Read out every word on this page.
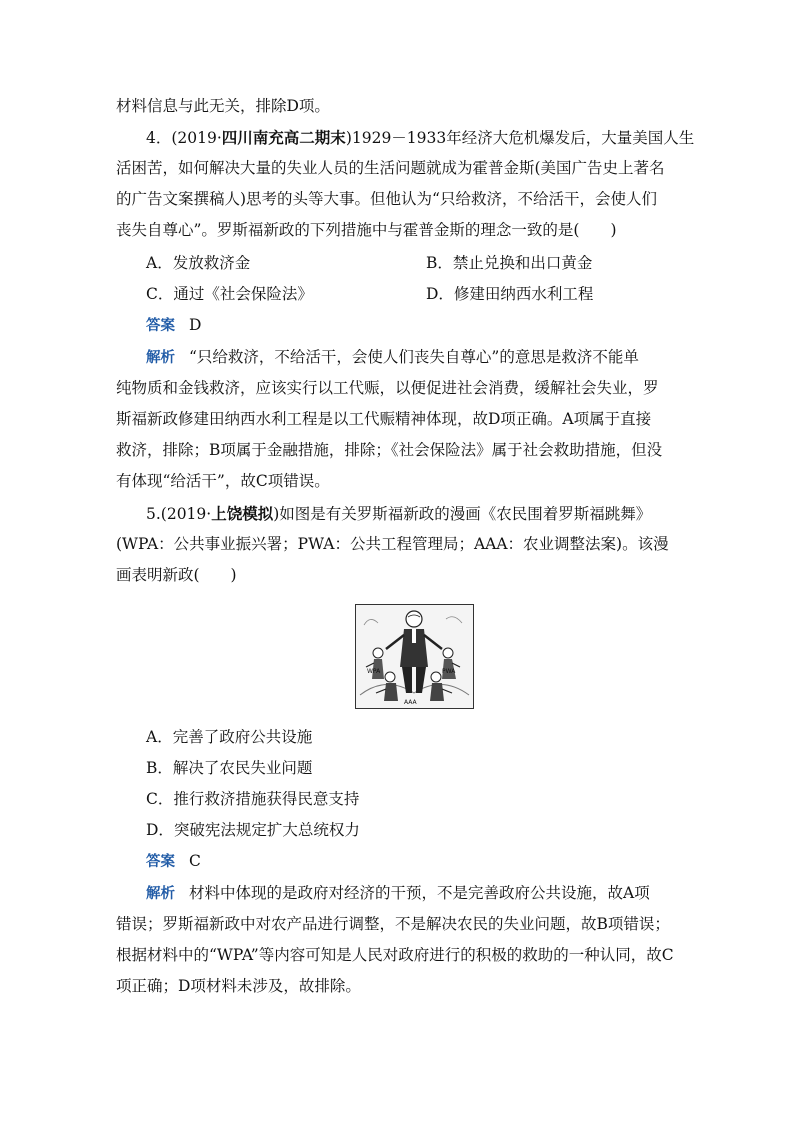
材料信息与此无关，排除D项。
4．(2019·四川南充高二期末)1929－1933年经济大危机爆发后，大量美国人生
活困苦，如何解决大量的失业人员的生活问题就成为霍普金斯(美国广告史上著名
的广告文案撰稿人)思考的头等大事。但他认为“只给救济，不给活干，会使人们
丧失自尊心”。罗斯福新政的下列措施中与霍普金斯的理念一致的是(　　)
A．发放救济金	B．禁止兑换和出口黄金
C．通过《社会保险法》	D．修建田纳西水利工程
答案 D
解析 “只给救济，不给活干，会使人们丧失自尊心”的意思是救济不能单
纯物质和金钱救济，应该实行以工代赈，以便促进社会消费，缓解社会失业，罗
斯福新政修建田纳西水利工程是以工代赈精神体现，故D项正确。A项属于直接
救济，排除；B项属于金融措施，排除；《社会保险法》属于社会救助措施，但没
有体现“给活干”，故C项错误。
5.(2019·上饶模拟)如图是有关罗斯福新政的漫画《农民围着罗斯福跳舞》
(WPA：公共事业振兴署；PWA：公共工程管理局；AAA：农业调整法案)。该漫
画表明新政(　　)
WPA	PWA
AAA
A．完善了政府公共设施
B．解决了农民失业问题
C．推行救济措施获得民意支持
D．突破宪法规定扩大总统权力
答案 C
解析 材料中体现的是政府对经济的干预，不是完善政府公共设施，故A项
错误；罗斯福新政中对农产品进行调整，不是解决农民的失业问题，故B项错误；
根据材料中的“WPA”等内容可知是人民对政府进行的积极的救助的一种认同，故C
项正确；D项材料未涉及，故排除。
